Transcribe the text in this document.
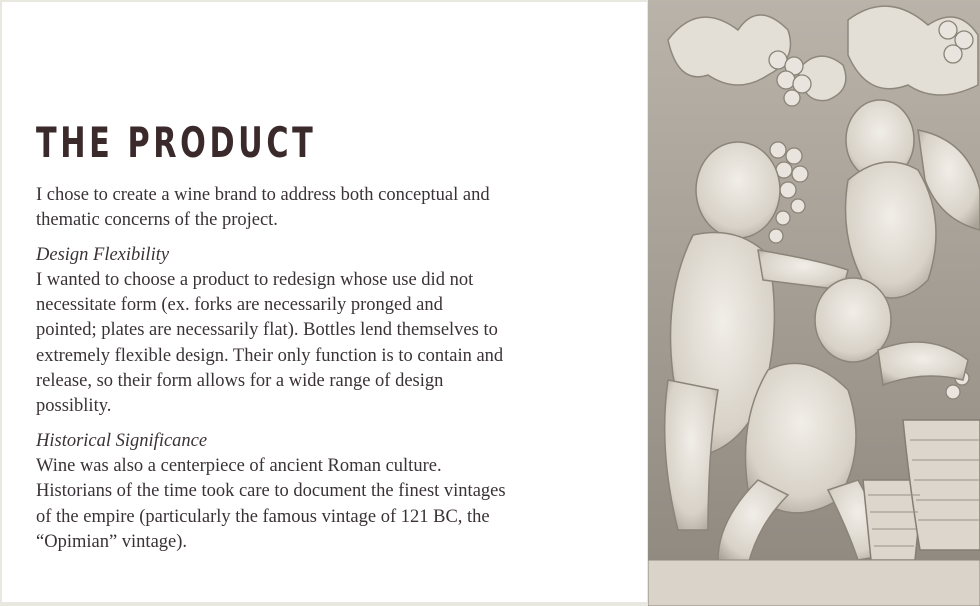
THE PRODUCT

I chose to create a wine brand to address both conceptual and thematic concerns of the project.

Design Flexibility
I wanted to choose a product to redesign whose use did not necessitate form (ex. forks are necessarily pronged and pointed; plates are necessarily flat). Bottles lend themselves to extremely flexible design. Their only function is to contain and release, so their form allows for a wide range of design possiblity.

Historical Significance
Wine was also a centerpiece of ancient Roman culture. Historians of the time took care to document the finest vintages of the empire (particularly the famous vintage of 121 BC, the “Opimian” vintage).
